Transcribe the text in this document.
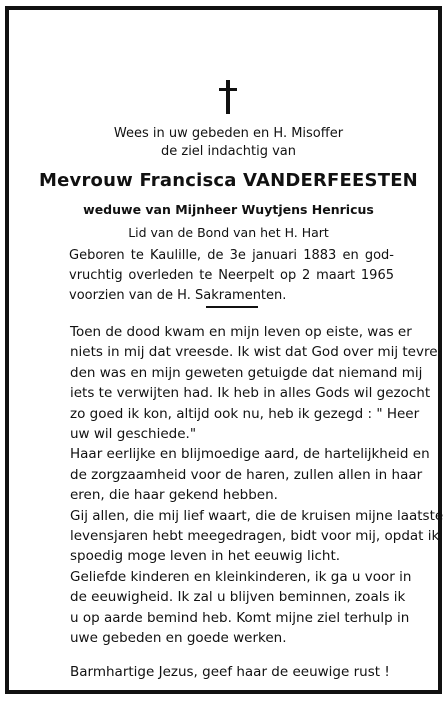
Wees in uw gebeden en H. Misoffer
de ziel indachtig van
Mevrouw Francisca VANDERFEESTEN
weduwe van Mijnheer Wuytjens Henricus
Lid van de Bond van het H. Hart
Geboren te Kaulille, de 3e januari 1883 en god-
vruchtig overleden te Neerpelt op 2 maart 1965
voorzien van de H. Sakramenten.
Toen de dood kwam en mijn leven op eiste, was er
niets in mij dat vreesde. Ik wist dat God over mij tevre-
den was en mijn geweten getuigde dat niemand mij
iets te verwijten had. Ik heb in alles Gods wil gezocht
zo goed ik kon, altijd ook nu, heb ik gezegd : " Heer
uw wil geschiede."
Haar eerlijke en blijmoedige aard, de hartelijkheid en
de zorgzaamheid voor de haren, zullen allen in haar
eren, die haar gekend hebben.
Gij allen, die mij lief waart, die de kruisen mijne laatste
levensjaren hebt meegedragen, bidt voor mij, opdat ik
spoedig moge leven in het eeuwig licht.
Geliefde kinderen en kleinkinderen, ik ga u voor in
de eeuwigheid. Ik zal u blijven beminnen, zoals ik
u op aarde bemind heb. Komt mijne ziel terhulp in
uwe gebeden en goede werken.
Barmhartige Jezus, geef haar de eeuwige rust !
